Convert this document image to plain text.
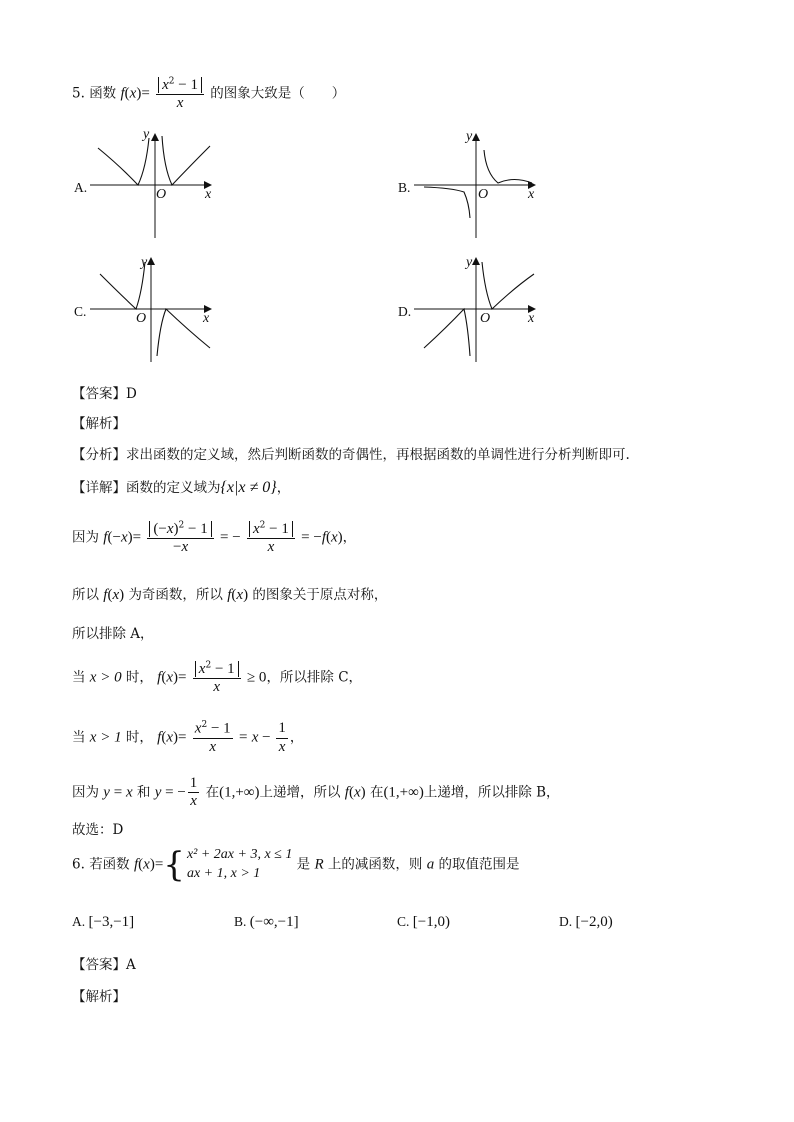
5. 函数 $f(x)= \frac{x^2 - 1}{x}$ 的图象大致是（　　）
A.
y
x
O	B.
y
x
O
C.
y
x
O	D.
y
x
O
【答案】D
【解析】
【分析】求出函数的定义域，然后判断函数的奇偶性，再根据函数的单调性进行分析判断即可.
【详解】函数的定义域为{x|x ≠ 0}，
因为 $f(-x)= \frac{(-x)^2 - 1}{-x}$ = − $\frac{x^2 - 1}{x} = -f(x)$，
所以 f(x) 为奇函数，所以 f(x) 的图象关于原点对称，
所以排除 A，
当 x > 0 时， $f(x)= \frac{x^2 - 1}{x} \ge 0$，所以排除 C，
当 x > 1 时， $f(x)= \frac{x^2 - 1}{x} = x - \frac{1}{x}$ ，
因为 y = x 和 y = − $\frac{1}{x}$ 在(1,+∞)上递增，所以 f(x) 在(1,+∞)上递增，所以排除 B，
故选：D
6. 若函数 f(x)={ x² + 2ax + 3, x ≤ 1
ax + 1, x > 1
是 R 上的减函数，则 a 的取值范围是
A. [−3,−1]	B. (−∞,−1]	C. [−1,0)	D. [−2,0)
【答案】A
【解析】
